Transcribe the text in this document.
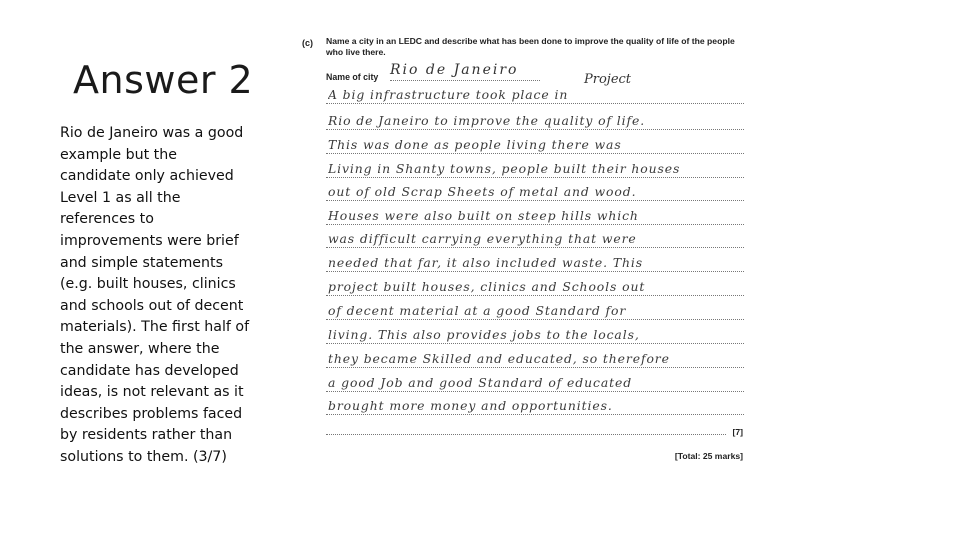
Answer 2

Rio de Janeiro was a good example but the candidate only achieved Level 1 as all the references to improvements were brief and simple statements (e.g. built houses, clinics and schools out of decent materials). The first half of the answer, where the candidate has developed ideas, is not relevant as it describes problems faced by residents rather than solutions to them. (3/7)

(c) Name a city in an LEDC and describe what has been done to improve the quality of life of the people who live there.
Name of city Rio de Janeiro
Project
A big infrastructure took place in
Rio de Janeiro to improve the quality of life.
This was done as people living there was
Living in Shanty towns, people built their houses
out of old Scrap Sheets of metal and wood.
Houses were also built on steep hills which
was difficult carrying everything that were
needed that far, it also included waste. This
project built houses, clinics and Schools out
of decent material at a good Standard for
living. This also provides jobs to the locals,
they became Skilled and educated, so therefore
a good Job and good Standard of educated
brought more money and opportunities.
[7]
[Total: 25 marks]
